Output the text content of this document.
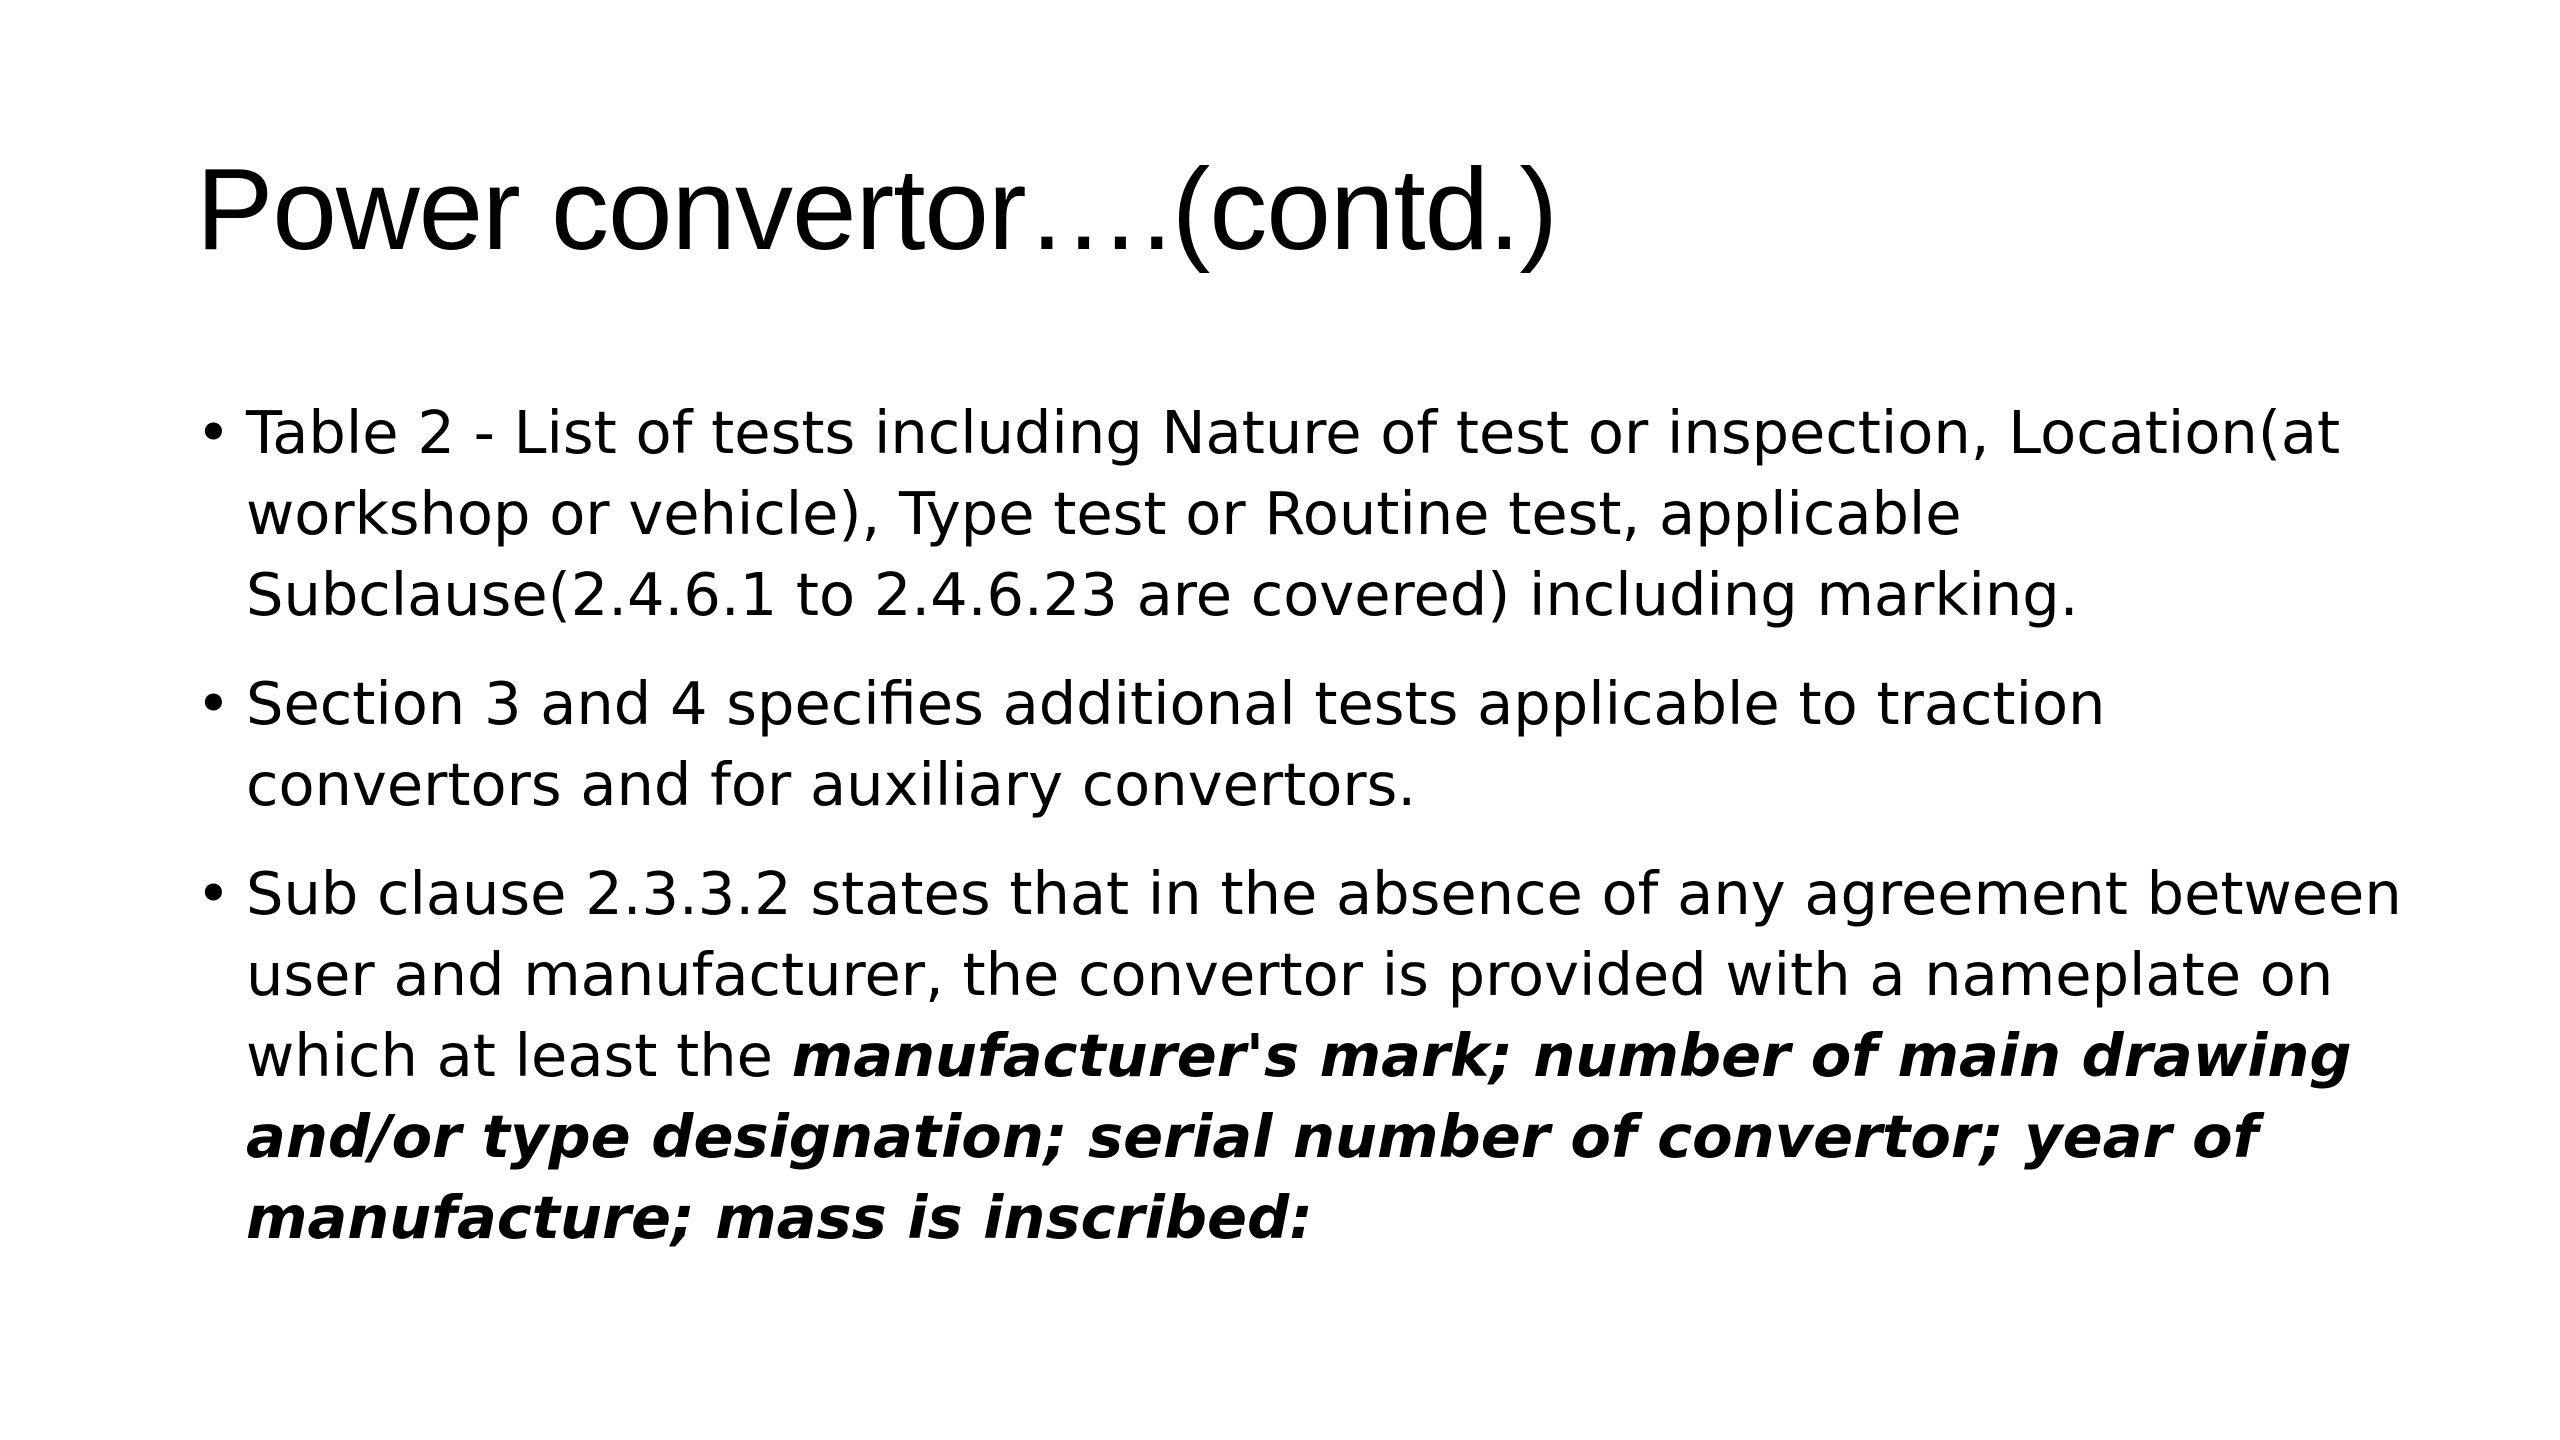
Power convertor….(contd.)
• Table 2 - List of tests including Nature of test or inspection, Location(at workshop or vehicle), Type test or Routine test, applicable Subclause(2.4.6.1 to 2.4.6.23 are covered) including marking.
• Section 3 and 4 specifies additional tests applicable to traction convertors and for auxiliary convertors.
• Sub clause 2.3.3.2 states that in the absence of any agreement between user and manufacturer, the convertor is provided with a nameplate on which at least the manufacturer's mark; number of main drawing and/or type designation; serial number of convertor; year of manufacture; mass is inscribed:
